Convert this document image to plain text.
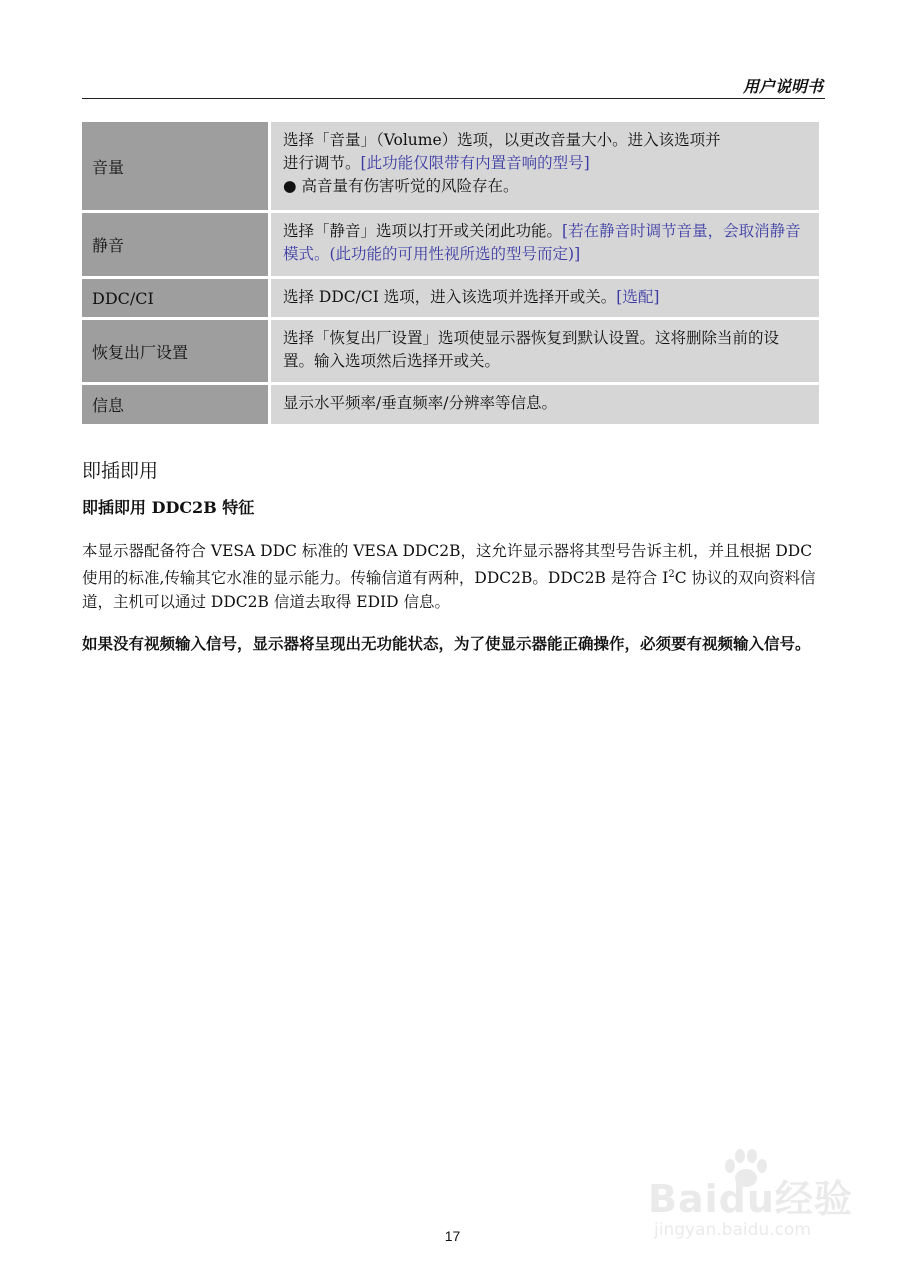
用户说明书
音量
选择「音量」（Volume）选项，以更改音量大小。进入该选项并
进行调节。[此功能仅限带有内置音响的型号]
● 高音量有伤害听觉的风险存在。
静音
选择「静音」选项以打开或关闭此功能。[若在静音时调节音量，会取消静音模式。(此功能的可用性视所选的型号而定)]
DDC/CI	选择 DDC/CI 选项，进入该选项并选择开或关。[选配]
恢复出厂设置
选择「恢复出厂设置」选项使显示器恢复到默认设置。这将删除当前的设置。输入选项然后选择开或关。
信息	显示水平频率/垂直频率/分辨率等信息。
即插即用
即插即用 DDC2B 特征
本显示器配备符合 VESA DDC 标准的 VESA DDC2B，这允许显示器将其型号告诉主机，并且根据 DDC 使用的标准,传输其它水准的显示能力。传输信道有两种，DDC2B。DDC2B 是符合 $I^2C$ 协议的双向资料信道，主机可以通过 DDC2B 信道去取得 EDID 信息。
如果没有视频输入信号，显示器将呈现出无功能状态，为了使显示器能正确操作，必须要有视频输入信号。
Baidu经验
jingyan.baidu.com
17
